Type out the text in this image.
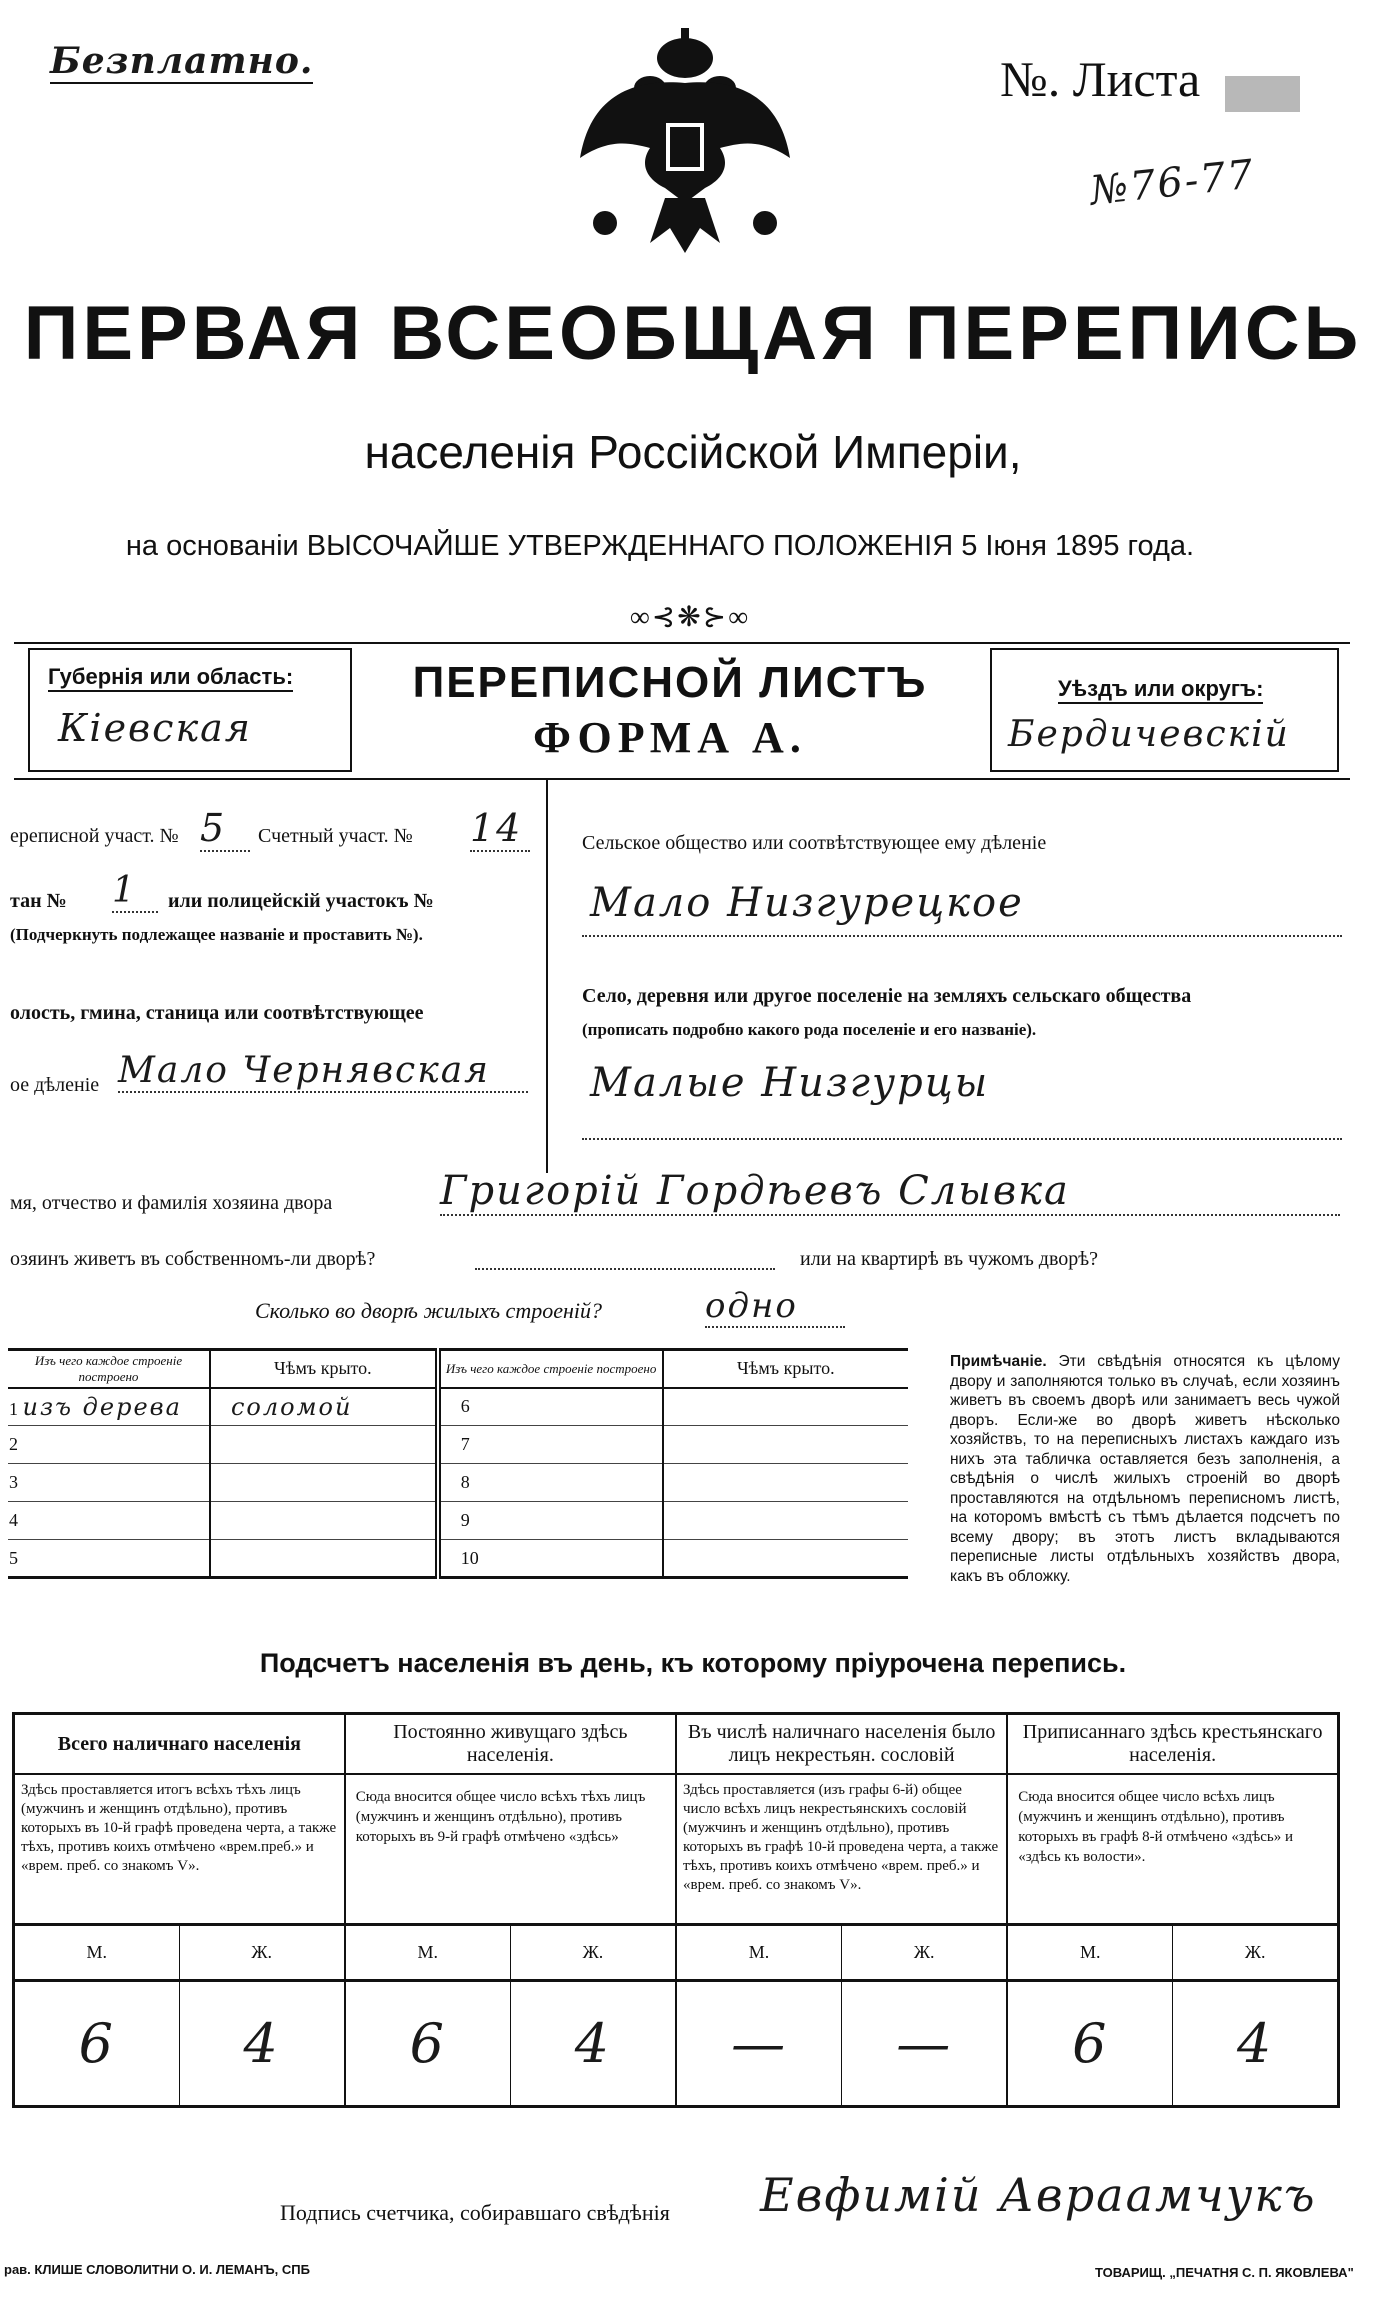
Безплатно.	№. Листа
№76-77
ПЕРВАЯ ВСЕОБЩАЯ ПЕРЕПИСЬ
населенія Россійской Имперіи,
на основаніи ВЫСОЧАЙШЕ УТВЕРЖДЕННАГО ПОЛОЖЕНІЯ 5 Іюня 1895 года.
∞⊰❋⊱∞
Губернія или область:
Кіевская
ПЕРЕПИСНОЙ ЛИСТЪ
ФОРМА А.
Уѣздъ или округъ:
Бердичевскій
ереписной участ. № 5	Счетный участ. № 14
тан № 1	или полицейскій участокъ №
(Подчеркнуть подлежащее названіе и проставить №).
олость, гмина, станица или соотвѣтствующее
ое дѣленіе Мало Чернявская
Сельское общество или соотвѣтствующее ему дѣленіе
Мало Низгурецкое
Село, деревня или другое поселеніе на земляхъ сельскаго общества
(прописать подробно какого рода поселеніе и его названіе).
Малые Низгурцы
мя, отчество и фамилія хозяина двора	Григорій Гордѣевъ Слывка
озяинъ живетъ въ собственномъ-ли дворѣ?	или на квартирѣ въ чужомъ дворѣ?
Сколько во дворѣ жилыхъ строеній?	одно
Изъ чего каждое строеніе построено	Чѣмъ крыто.	Изъ чего каждое строеніе построено	Чѣмъ крыто.
1 изъ дерева	соломой	6	
2		7	
3		8	
4		9	
5		10	
Примѣчаніе. Эти свѣдѣнія относятся къ цѣлому двору и заполняются только въ случаѣ, если хозяинъ живетъ въ своемъ дворѣ или занимаетъ весь чужой дворъ. Если-же во дворѣ живетъ нѣсколько хозяйствъ, то на переписныхъ листахъ каждаго изъ нихъ эта табличка оставляется безъ заполненія, а свѣдѣнія о числѣ жилыхъ строеній во дворѣ проставляются на отдѣльномъ переписномъ листѣ, на которомъ вмѣстѣ съ тѣмъ дѣлается подсчетъ по всему двору; въ этотъ листъ вкладываются переписные листы отдѣльныхъ хозяйствъ двора, какъ въ обложку.
Подсчетъ населенія въ день, къ которому пріурочена перепись.
Всего наличнаго населенія		Постоянно живущаго здѣсь населенія.		Въ числѣ наличнаго населенія было лицъ некрестьян. сословій		Приписаннаго здѣсь крестьянскаго населенія.	
Здѣсь проставляется итогъ всѣхъ тѣхъ лицъ (мужчинъ и женщинъ отдѣльно), противъ которыхъ въ 10-й графѣ проведена черта, а также тѣхъ, противъ коихъ отмѣчено «врем.преб.» и «врем. преб. со знакомъ V».		Сюда вносится общее число всѣхъ тѣхъ лицъ (мужчинъ и женщинъ отдѣльно), противъ которыхъ въ 9-й графѣ отмѣчено «здѣсь»		Здѣсь проставляется (изъ графы 6-й) общее число всѣхъ лицъ некрестьянскихъ сословій (мужчинъ и женщинъ отдѣльно), противъ которыхъ въ графѣ 10-й проведена черта, а также тѣхъ, противъ коихъ отмѣчено «врем. преб.» и «врем. преб. со знакомъ V».		Сюда вносится общее число всѣхъ лицъ (мужчинъ и женщинъ отдѣльно), противъ которыхъ въ графѣ 8-й отмѣчено «здѣсь» и «здѣсь къ волости».	
М.	Ж.	М.	Ж.	М.	Ж.	М.	Ж.
6	4	6	4	—	—	6	4
Подпись счетчика, собиравшаго свѣдѣнія Евфимій Авраамчукъ
рав. КЛИШЕ СЛОВОЛИТНИ О. И. ЛЕМАНЪ, СПБ	ТОВАРИЩ. „ПЕЧАТНЯ С. П. ЯКОВЛЕВА"
